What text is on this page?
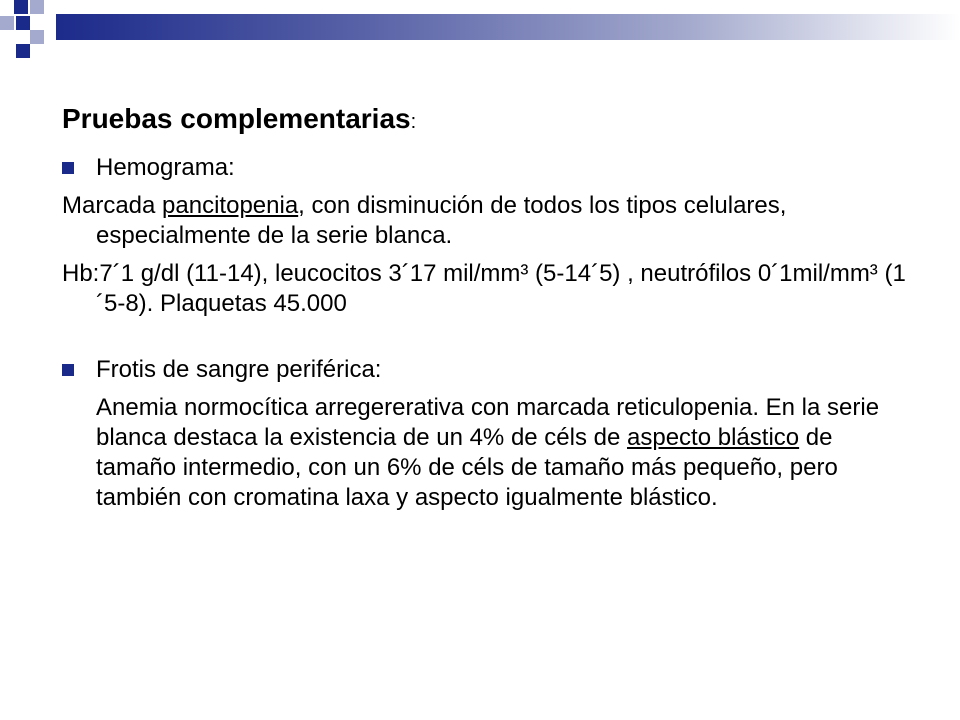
Pruebas complementarias:
Hemograma:

Marcada pancitopenia, con disminución de todos los tipos celulares, especialmente de la serie blanca.

Hb:7´1 g/dl (11-14), leucocitos 3´17 mil/mm³ (5-14´5) , neutrófilos 0´1mil/mm³ (1´5-8). Plaquetas 45.000

Frotis de sangre periférica:

Anemia normocítica arregererativa con marcada reticulopenia. En la serie blanca destaca la existencia de un 4% de céls de aspecto blástico de tamaño intermedio, con un 6% de céls de tamaño más pequeño, pero también con cromatina laxa y aspecto igualmente blástico.
